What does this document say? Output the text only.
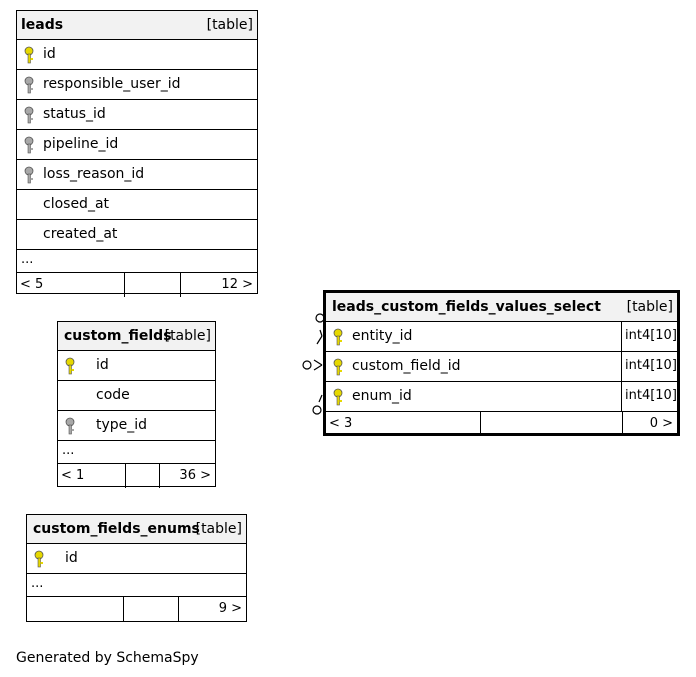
leads	[table]
id
responsible_user_id
status_id
pipeline_id
loss_reason_id
closed_at
created_at
...
< 5	12 >
custom_fields
[table]
id
code
type_id
...
< 1	36 >
custom_fields_enums
[table]
id
...
9 >
leads_custom_fields_values_select [table]
entity_id	int4[10]
custom_field_id	int4[10]
enum_id	int4[10]
< 3	0 >
Generated by SchemaSpy
